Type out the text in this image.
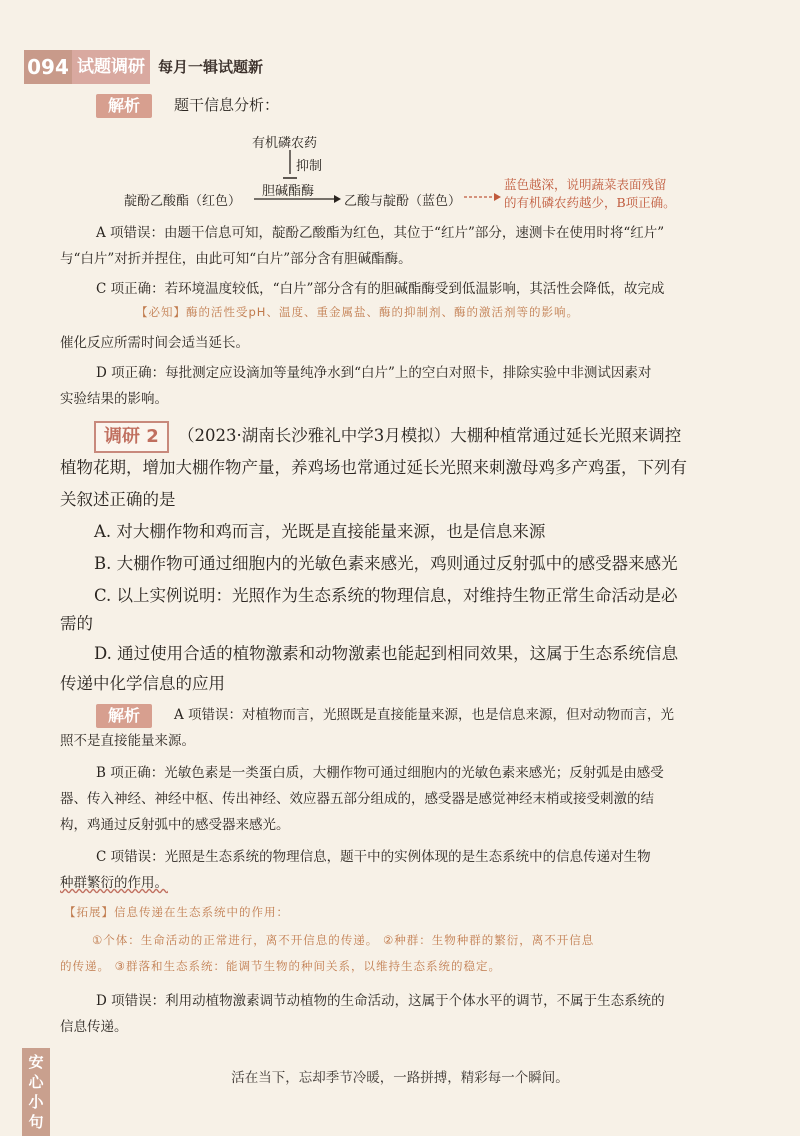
094 试题调研 每月一辑试题新
解析	题干信息分析：
有机磷农药
抑制
胆碱酯酶
靛酚乙酸酯（红色）	乙酸与靛酚（蓝色）
蓝色越深，说明蔬菜表面残留
的有机磷农药越少，B项正确。
A 项错误：由题干信息可知，靛酚乙酸酯为红色，其位于“红片”部分，速测卡在使用时将“红片”
与“白片”对折并捏住，由此可知“白片”部分含有胆碱酯酶。
C 项正确：若环境温度较低，“白片”部分含有的胆碱酯酶受到低温影响，其活性会降低，故完成
【必知】酶的活性受pH、温度、重金属盐、酶的抑制剂、酶的激活剂等的影响。
催化反应所需时间会适当延长。
D 项正确：每批测定应设滴加等量纯净水到“白片”上的空白对照卡，排除实验中非测试因素对
实验结果的影响。
调研 2	（2023·湖南长沙雅礼中学3月模拟）大棚种植常通过延长光照来调控
植物花期，增加大棚作物产量，养鸡场也常通过延长光照来刺激母鸡多产鸡蛋，下列有
关叙述正确的是
A. 对大棚作物和鸡而言，光既是直接能量来源，也是信息来源
B. 大棚作物可通过细胞内的光敏色素来感光，鸡则通过反射弧中的感受器来感光
C. 以上实例说明：光照作为生态系统的物理信息，对维持生物正常生命活动是必
需的
D. 通过使用合适的植物激素和动物激素也能起到相同效果，这属于生态系统信息
传递中化学信息的应用
解析	A 项错误：对植物而言，光照既是直接能量来源，也是信息来源，但对动物而言，光
照不是直接能量来源。
B 项正确：光敏色素是一类蛋白质，大棚作物可通过细胞内的光敏色素来感光；反射弧是由感受
器、传入神经、神经中枢、传出神经、效应器五部分组成的，感受器是感觉神经末梢或接受刺激的结
构，鸡通过反射弧中的感受器来感光。
C 项错误：光照是生态系统的物理信息，题干中的实例体现的是生态系统中的信息传递对生物
种群繁衍的作用。
【拓展】信息传递在生态系统中的作用：
①个体：生命活动的正常进行，离不开信息的传递。 ②种群：生物种群的繁衍，离不开信息
的传递。 ③群落和生态系统：能调节生物的种间关系，以维持生态系统的稳定。
D 项错误：利用动植物激素调节动植物的生命活动，这属于个体水平的调节，不属于生态系统的
信息传递。
安心小句
活在当下，忘却季节冷暖，一路拼搏，精彩每一个瞬间。
